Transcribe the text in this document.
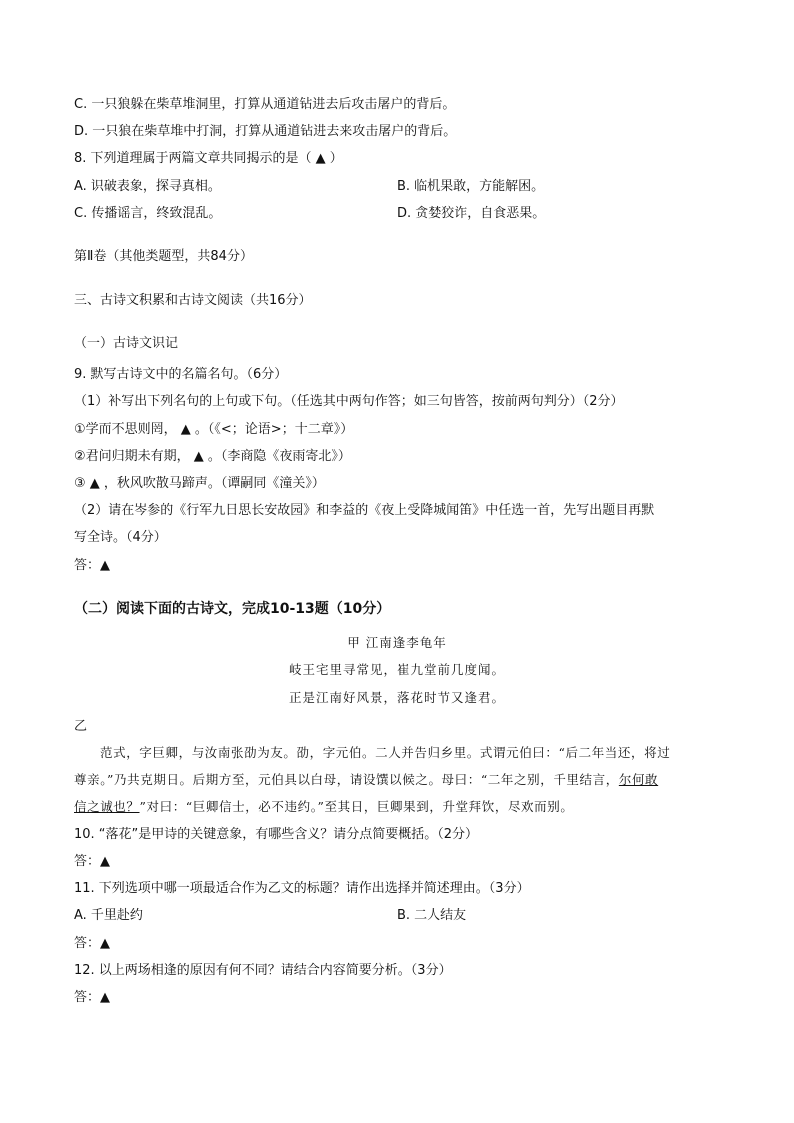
C. 一只狼躲在柴草堆洞里，打算从通道钻进去后攻击屠户的背后。
D. 一只狼在柴草堆中打洞，打算从通道钻进去来攻击屠户的背后。
8. 下列道理属于两篇文章共同揭示的是（ ▲ ）
A. 识破表象，探寻真相。	B. 临机果敢，方能解困。
C. 传播谣言，终致混乱。	D. 贪婪狡诈，自食恶果。
第Ⅱ卷（其他类题型，共84分）
三、古诗文积累和古诗文阅读（共16分）
（一）古诗文识记
9. 默写古诗文中的名篇名句。（6分）
（1）补写出下列名句的上句或下句。（任选其中两句作答；如三句皆答，按前两句判分）（2分）
①学而不思则罔， ▲ 。（《<；论语>；十二章》）
②君问归期未有期， ▲ 。（李商隐《夜雨寄北》）
③ ▲ ，秋风吹散马蹄声。（谭嗣同《潼关》）
（2）请在岑参的《行军九日思长安故园》和李益的《夜上受降城闻笛》中任选一首，先写出题目再默
写全诗。（4分）
答：▲
（二）阅读下面的古诗文，完成10-13题（10分）
甲 江南逢李龟年
岐王宅里寻常见，崔九堂前几度闻。
正是江南好风景，落花时节又逢君。
乙
范式，字巨卿，与汝南张劭为友。劭，字元伯。二人并告归乡里。式谓元伯曰：“后二年当还，将过
尊亲。”乃共克期日。后期方至，元伯具以白母，请设馔以候之。母曰：“二年之别，千里结言，尔何敢
信之诚也？”对曰：“巨卿信士，必不违约。”至其日，巨卿果到，升堂拜饮，尽欢而别。
10. “落花”是甲诗的关键意象，有哪些含义？请分点简要概括。（2分）
答：▲
11. 下列选项中哪一项最适合作为乙文的标题？请作出选择并简述理由。（3分）
A. 千里赴约	B. 二人结友
答：▲
12. 以上两场相逢的原因有何不同？请结合内容简要分析。（3分）
答：▲
